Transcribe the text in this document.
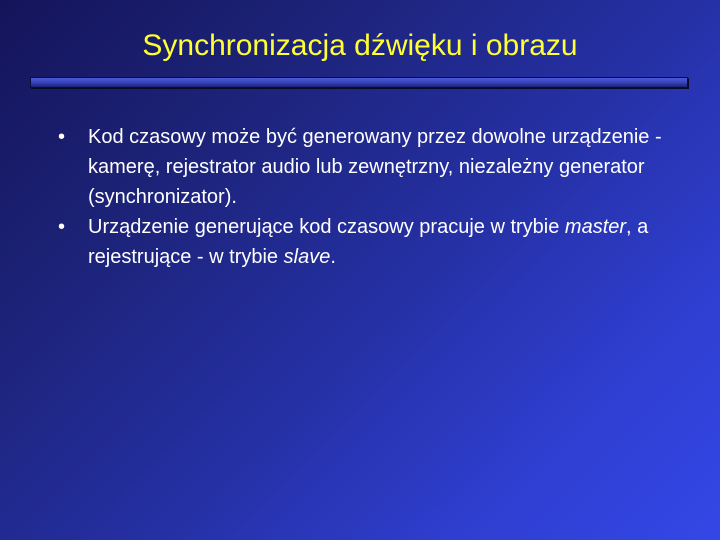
Synchronizacja dźwięku i obrazu
•	Kod czasowy może być generowany przez dowolne urządzenie - kamerę, rejestrator audio lub zewnętrzny, niezależny generator (synchronizator).
•	Urządzenie generujące kod czasowy pracuje w trybie master, a rejestrujące - w trybie slave.
